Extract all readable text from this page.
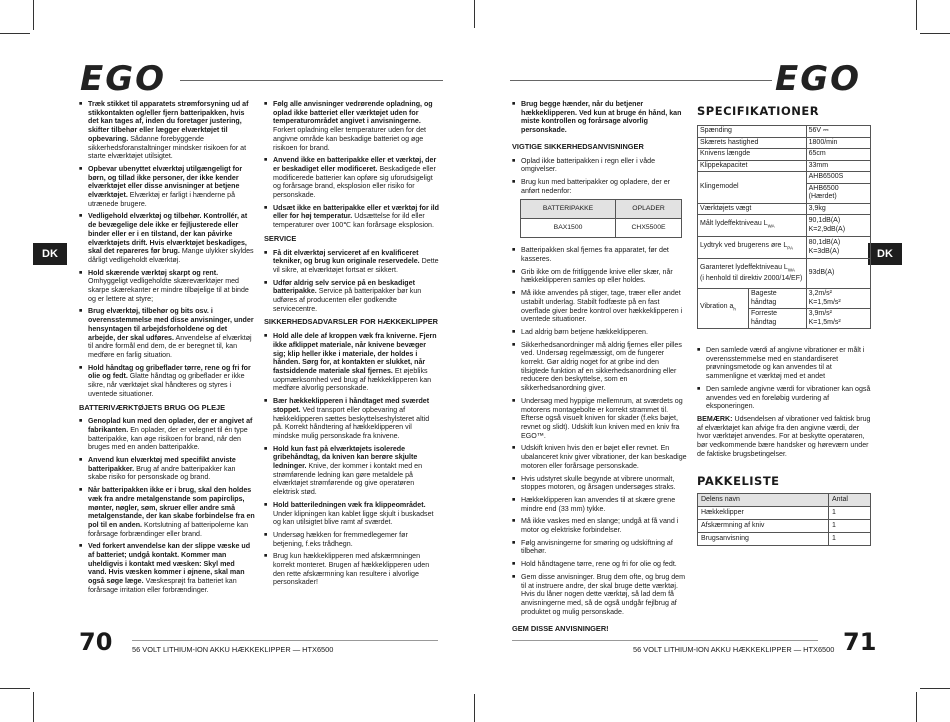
EGO	EGO
DK	DK
■ Træk stikket til apparatets strømforsyning ud af stikkontakten og/eller fjern batteripakken, hvis det kan tages af, inden du foretager justering, skifter tilbehør eller lægger elværktøjet til opbevaring. Sådanne forebyggende sikkerhedsforanstaltninger mindsker risikoen for at starte elværktøjet utilsigtet.
■ Opbevar ubenyttet elværktøj utilgængeligt for børn, og tillad ikke personer, der ikke kender elværktøjet eller disse anvisninger at betjene elværktøjet. Elværktøj er farligt i hænderne på utrænede brugere.
■ Vedligehold elværktøj og tilbehør. Kontrollér, at de bevægelige dele ikke er fejljusterede eller binder eller er i en tilstand, der kan påvirke elværktøjets drift. Hvis elværktøjet beskadiges, skal det repareres før brug. Mange ulykker skyldes dårligt vedligeholdt elværktøj.
■ Hold skærende værktøj skarpt og rent. Omhyggeligt vedligeholdte skæreværktøjer med skarpe skærekanter er mindre tilbøjelige til at binde og er lettere at styre;
■ Brug elværktøj, tilbehør og bits osv. i overensstemmelse med disse anvisninger, under hensyntagen til arbejdsforholdene og det arbejde, der skal udføres. Anvendelse af elværktøj til andre formål end dem, de er beregnet til, kan medføre en farlig situation.
■ Hold håndtag og gribeflader tørre, rene og fri for olie og fedt. Glatte håndtag og gribeflader er ikke sikre, når værktøjet skal håndteres og styres i uventede situationer.
BATTERIVÆRKTØJETS BRUG OG PLEJE
■ Genoplad kun med den oplader, der er angivet af fabrikanten. En oplader, der er velegnet til én type batteripakke, kan øge risikoen for brand, når den bruges med en anden batteripakke.
■ Anvend kun elværktøj med specifikt anviste batteripakker. Brug af andre batteripakker kan skabe risiko for personskade og brand.
■ Når batteripakken ikke er i brug, skal den holdes væk fra andre metalgenstande som papirclips, mønter, nøgler, søm, skruer eller andre små metalgenstande, der kan skabe forbindelse fra en pol til en anden. Kortslutning af batteripolerne kan forårsage forbrændinger eller brand.
■ Ved forkert anvendelse kan der slippe væske ud af batteriet; undgå kontakt. Kommer man uheldigvis i kontakt med væsken: Skyl med vand. Hvis væsken kommer i øjnene, skal man også søge læge. Væskesprøjt fra batteriet kan forårsage irritation eller forbrændinger.
■ Følg alle anvisninger vedrørende opladning, og oplad ikke batteriet eller værktøjet uden for temperaturområdet angivet i anvisningerne. Forkert opladning eller temperaturer uden for det angivne område kan beskadige batteriet og øge risikoen for brand.
■ Anvend ikke en batteripakke eller et værktøj, der er beskadiget eller modificeret. Beskadigede eller modificerede batterier kan opføre sig uforudsigeligt og forårsage brand, eksplosion eller risiko for personskade.
■ Udsæt ikke en batteripakke eller et værktøj for ild eller for høj temperatur. Udsættelse for ild eller temperaturer over 100℃ kan forårsage eksplosion.
SERVICE
■ Få dit elværktøj serviceret af en kvalificeret tekniker, og brug kun originale reservedele. Dette vil sikre, at elværktøjet fortsat er sikkert.
■ Udfør aldrig selv service på en beskadiget batteripakke. Service på batteripakker bør kun udføres af producenten eller godkendte servicecentre.
SIKKERHEDSADVARSLER FOR HÆKKEKLIPPER
■ Hold alle dele af kroppen væk fra kniverne. Fjern ikke afklippet materiale, når knivene bevæger sig; klip heller ikke i materiale, der holdes i hånden. Sørg for, at kontakten er slukket, når fastsiddende materiale skal fjernes. Et øjebliks uopmærksomhed ved brug af hækkeklipperen kan medføre alvorlig personskade.
■ Bær hækkeklipperen i håndtaget med sværdet stoppet. Ved transport eller opbevaring af hækkeklipperen sættes beskyttelseshylsteret altid på. Korrekt håndtering af hækkeklipperen vil mindske mulig personskade fra knivene.
■ Hold kun fast på elværktøjets isolerede gribehåndtag, da kniven kan berøre skjulte ledninger. Knive, der kommer i kontakt med en strømførende ledning kan gøre metaldele på elværktøjet strømførende og give operatøren elektrisk stød.
■ Hold batteriledningen væk fra klippeområdet. Under klipningen kan kablet ligge skjult i buskadset og kan utilsigtet blive ramt af sværdet.
■ Undersøg hækken for fremmedlegemer før betjening, f.eks trådhegn.
■ Brug kun hækkeklipperen med afskærmningen korrekt monteret. Brugen af hækkeklipperen uden den rette afskærmning kan resultere i alvorlige personskader!
■ Brug begge hænder, når du betjener hækkeklipperen. Ved kun at bruge én hånd, kan miste kontrollen og forårsage alvorlig personskade.
VIGTIGE SIKKERHEDSANVISNINGER
■ Oplad ikke batteripakken i regn eller i våde omgivelser.
■ Brug kun med batteripakker og opladere, der er anført nedenfor:
BATTERIPAKKE	OPLADER
BAX1500	CHX5500E
■ Batteripakken skal fjernes fra apparatet, før det kasseres.
■ Grib ikke om de fritliggende knive eller skær, når hækkeklipperen samles op eller holdes.
■ Må ikke anvendes på stiger, tage, træer eller andet ustabilt underlag. Stabilt fodfæste på en fast overflade giver bedre kontrol over hækkeklipperen i uventede situationer.
■ Lad aldrig børn betjene hækkeklipperen.
■ Sikkerhedsanordninger må aldrig fjernes eller pilles ved. Undersøg regelmæssigt, om de fungerer korrekt. Gør aldrig noget for at gribe ind den tilsigtede funktion af en sikkerhedsanordning eller reducere den beskyttelse, som en sikkerhedsanordning giver.
■ Undersøg med hyppige mellemrum, at sværdets og motorens montagebolte er korrekt strammet til. Efterse også visuelt kniven for skader (f.eks bøjet, revnet og slidt). Udskift kun kniven med en kniv fra EGO™.
■ Udskift kniven hvis den er bøjet eller revnet. En ubalanceret kniv giver vibrationer, der kan beskadige motoren eller forårsage personskade.
■ Hvis udstyret skulle begynde at vibrere unormalt, stoppes motoren, og årsagen undersøges straks.
■ Hækkeklipperen kan anvendes til at skære grene mindre end (33 mm) tykke.
■ Må ikke vaskes med en slange; undgå at få vand i motor og elektriske forbindelser.
■ Følg anvisningerne for smøring og udskiftning af tilbehør.
■ Hold håndtagene tørre, rene og fri for olie og fedt.
■ Gem disse anvisninger. Brug dem ofte, og brug dem til at instruere andre, der skal bruge dette værktøj. Hvis du låner nogen dette værktøj, så lad dem få anvisningerne med, så de også undgår fejlbrug af produktet og mulig personskade.
GEM DISSE ANVISNINGER!
SPECIFIKATIONER
Spænding		56V ⎓
Skærets hastighed		1800/min
Knivens længde		65cm
Klippekapacitet		33mm
Klingemodel		AHB6500S
		AHB6500 (Hærdet)
Værktøjets vægt		3,9kg
Målt lydeffektniveau $L_{WA}$		90,1dB(A)
K=2,9dB(A)
Lydtryk ved brugerens øre $L_{PA}$		80,1dB(A)
K=3dB(A)
Garanteret lydeffektniveau $L_{WA}$
(i henhold til direktiv 2000/14/EF)		93dB(A)
Vibration $a_h$	Bageste håndtag	3,2m/s²
K=1,5m/s²
	Forreste håndtag	3,9m/s²
K=1,5m/s²
■ Den samlede værdi af angivne vibrationer er målt i overensstemmelse med en standardiseret prøvningsmetode og kan anvendes til at sammenligne et værktøj med et andet
■ Den samlede angivne værdi for vibrationer kan også anvendes ved en foreløbig vurdering af eksponeringen.
BEMÆRK: Udsendelsen af vibrationer ved faktisk brug af elværktøjet kan afvige fra den angivne værdi, der hvor værktøjet anvendes. For at beskytte operatøren, bør vedkommende bære handsker og høreværn under de faktiske brugsbetingelser.
PAKKELISTE
Delens navn	Antal
Hækkeklipper	1
Afskærmning af kniv	1
Brugsanvisning	1
70	56 VOLT LITHIUM-ION AKKU HÆKKEKLIPPER — HTX6500	71
56 VOLT LITHIUM-ION AKKU HÆKKEKLIPPER — HTX6500
